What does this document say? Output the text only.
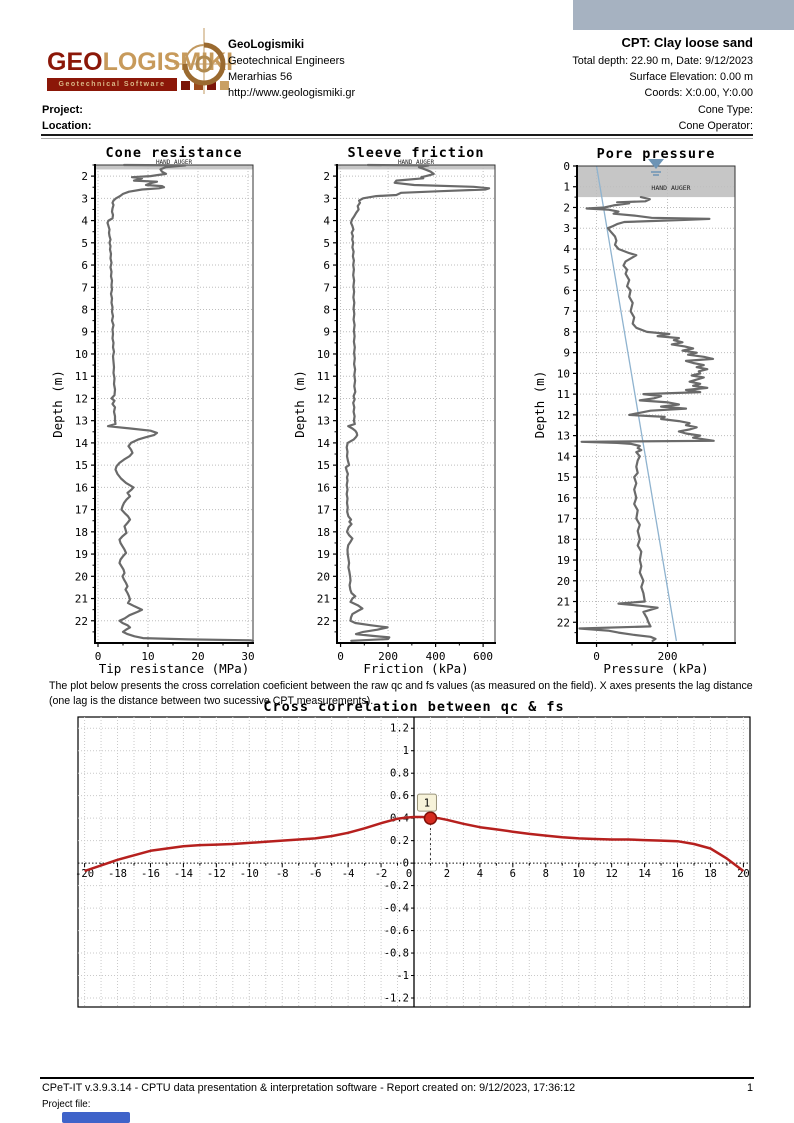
GEOLOGISMIKI
Geotechnical Software
GeoLogismiki
Geotechnical Engineers
Merarhias 56
http://www.geologismiki.gr
CPT: Clay loose sand
Total depth: 22.90 m, Date: 9/12/2023
Surface Elevation: 0.00 m
Coords: X:0.00, Y:0.00
Project:
Location:
Cone Type:
Cone Operator:
The plot below presents the cross correlation coeficient between the raw qc and fs values (as measured on the field). X axes presents the lag distance (one lag is the distance between two sucessive CPT measurements).
2
3
4
5
6
7
8
9
10
11
12
13
14
15
16
17
18
19
20
21
22
0	10	20	30
HAND AUGER
Cone resistance
Tip resistance (MPa)
Depth (m)
2
3
4
5
6
7
8
9
10
11
12
13
14
15
16
17
18
19
20
21
22
0	200	400	600
HAND AUGER
Sleeve friction
Friction (kPa)
Depth (m)
0
1
2
3
4
5
6
7
8
9
10
11
12
13
14
15
16
17
18
19
20
21
22
0	200
HAND AUGER
Pore pressure
Pressure (kPa)
Depth (m)
-20 -18 -16 -14 -12 -10 -8 -6 -4 -2 0	2	4	6	8 10 12 14 16 18 20
-1.2
-1
-0.8
-0.6
-0.4
-0.2
0
0.2
0.4
0.6
0.8
1
1.2
1
Cross correlation between qc & fs
CPeT-IT v.3.9.3.14 - CPTU data presentation & interpretation software - Report created on: 9/12/2023, 17:36:12	1
Project file:
